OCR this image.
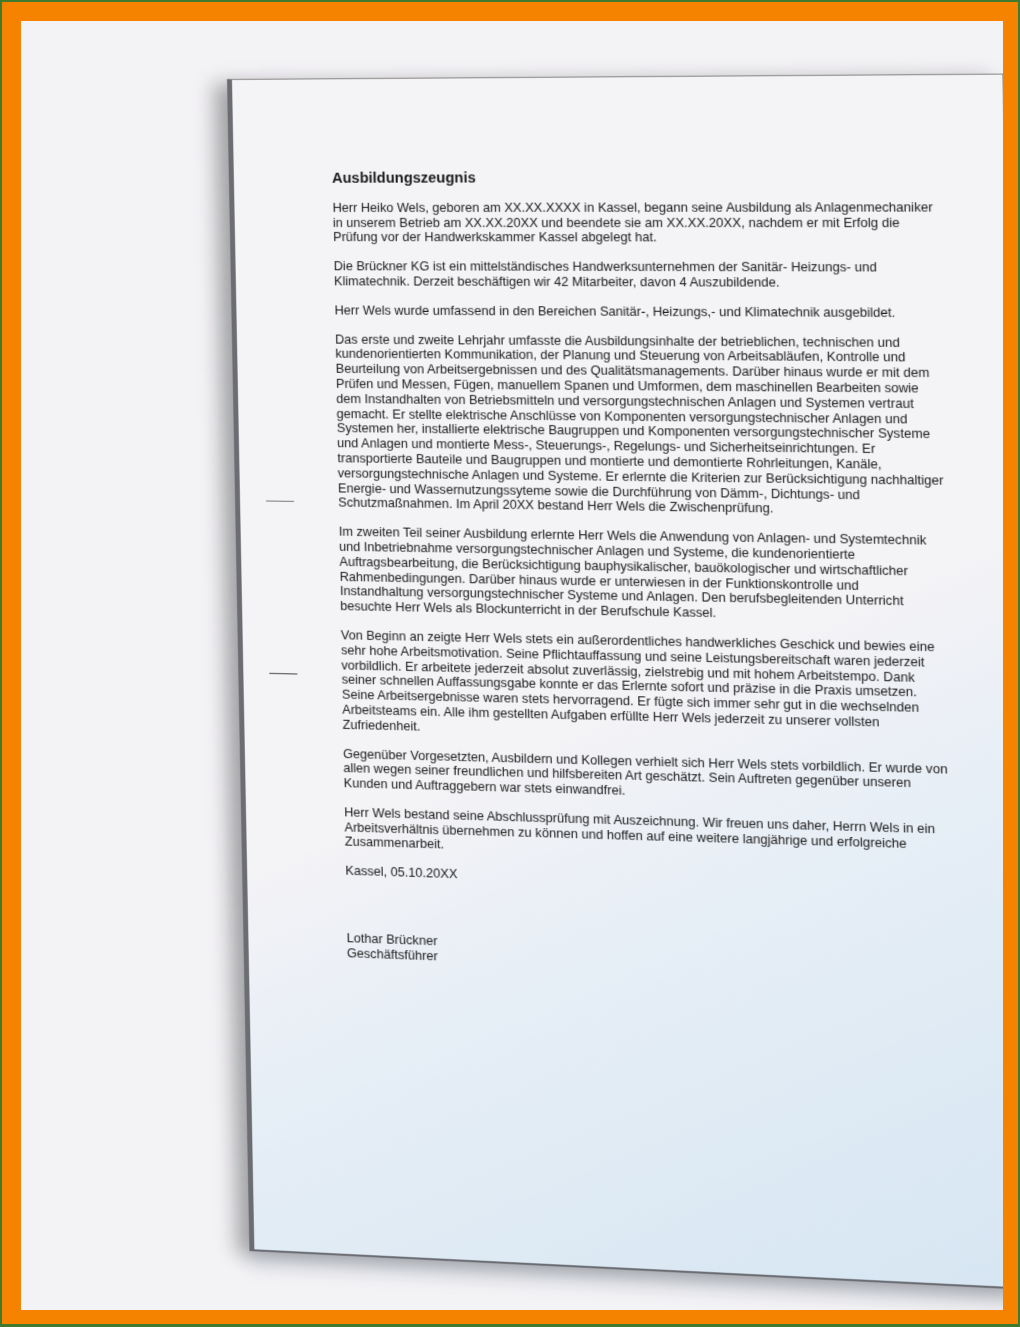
Ausbildungszeugnis

Herr Heiko Wels, geboren am XX.XX.XXXX in Kassel, begann seine Ausbildung als Anlagenmechaniker in unserem Betrieb am XX.XX.20XX und beendete sie am XX.XX.20XX, nachdem er mit Erfolg die Prüfung vor der Handwerkskammer Kassel abgelegt hat.

Die Brückner KG ist ein mittelständisches Handwerksunternehmen der Sanitär- Heizungs- und Klimatechnik. Derzeit beschäftigen wir 42 Mitarbeiter, davon 4 Auszubildende.

Herr Wels wurde umfassend in den Bereichen Sanitär-, Heizungs,- und Klimatechnik ausgebildet.

Das erste und zweite Lehrjahr umfasste die Ausbildungsinhalte der betrieblichen, technischen und kundenorientierten Kommunikation, der Planung und Steuerung von Arbeitsabläufen, Kontrolle und Beurteilung von Arbeitsergebnissen und des Qualitätsmanagements. Darüber hinaus wurde er mit dem Prüfen und Messen, Fügen, manuellem Spanen und Umformen, dem maschinellen Bearbeiten sowie dem Instandhalten von Betriebsmitteln und versorgungstechnischen Anlagen und Systemen vertraut gemacht. Er stellte elektrische Anschlüsse von Komponenten versorgungstechnischer Anlagen und Systemen her, installierte elektrische Baugruppen und Komponenten versorgungstechnischer Systeme und Anlagen und montierte Mess-, Steuerungs-, Regelungs- und Sicherheitseinrichtungen. Er transportierte Bauteile und Baugruppen und montierte und demontierte Rohrleitungen, Kanäle, versorgungstechnische Anlagen und Systeme. Er erlernte die Kriterien zur Berücksichtigung nachhaltiger Energie- und Wassernutzungssyteme sowie die Durchführung von Dämm-, Dichtungs- und Schutzmaßnahmen. Im April 20XX bestand Herr Wels die Zwischenprüfung.

Im zweiten Teil seiner Ausbildung erlernte Herr Wels die Anwendung von Anlagen- und Systemtechnik und Inbetriebnahme versorgungstechnischer Anlagen und Systeme, die kundenorientierte Auftragsbearbeitung, die Berücksichtigung bauphysikalischer, bauökologischer und wirtschaftlicher Rahmenbedingungen. Darüber hinaus wurde er unterwiesen in der Funktionskontrolle und Instandhaltung versorgungstechnischer Systeme und Anlagen. Den berufsbegleitenden Unterricht besuchte Herr Wels als Blockunterricht in der Berufschule Kassel.

Von Beginn an zeigte Herr Wels stets ein außerordentliches handwerkliches Geschick und bewies eine sehr hohe Arbeitsmotivation. Seine Pflichtauffassung und seine Leistungsbereitschaft waren jederzeit vorbildlich. Er arbeitete jederzeit absolut zuverlässig, zielstrebig und mit hohem Arbeitstempo. Dank seiner schnellen Auffassungsgabe konnte er das Erlernte sofort und präzise in die Praxis umsetzen. Seine Arbeitsergebnisse waren stets hervorragend. Er fügte sich immer sehr gut in die wechselnden Arbeitsteams ein. Alle ihm gestellten Aufgaben erfüllte Herr Wels jederzeit zu unserer vollsten Zufriedenheit.

Gegenüber Vorgesetzten, Ausbildern und Kollegen verhielt sich Herr Wels stets vorbildlich. Er wurde von allen wegen seiner freundlichen und hilfsbereiten Art geschätzt. Sein Auftreten gegenüber unseren Kunden und Auftraggebern war stets einwandfrei.

Herr Wels bestand seine Abschlussprüfung mit Auszeichnung. Wir freuen uns daher, Herrn Wels in ein Arbeitsverhältnis übernehmen zu können und hoffen auf eine weitere langjährige und erfolgreiche Zusammenarbeit.

Kassel, 05.10.20XX

Lothar Brückner

Geschäftsführer
